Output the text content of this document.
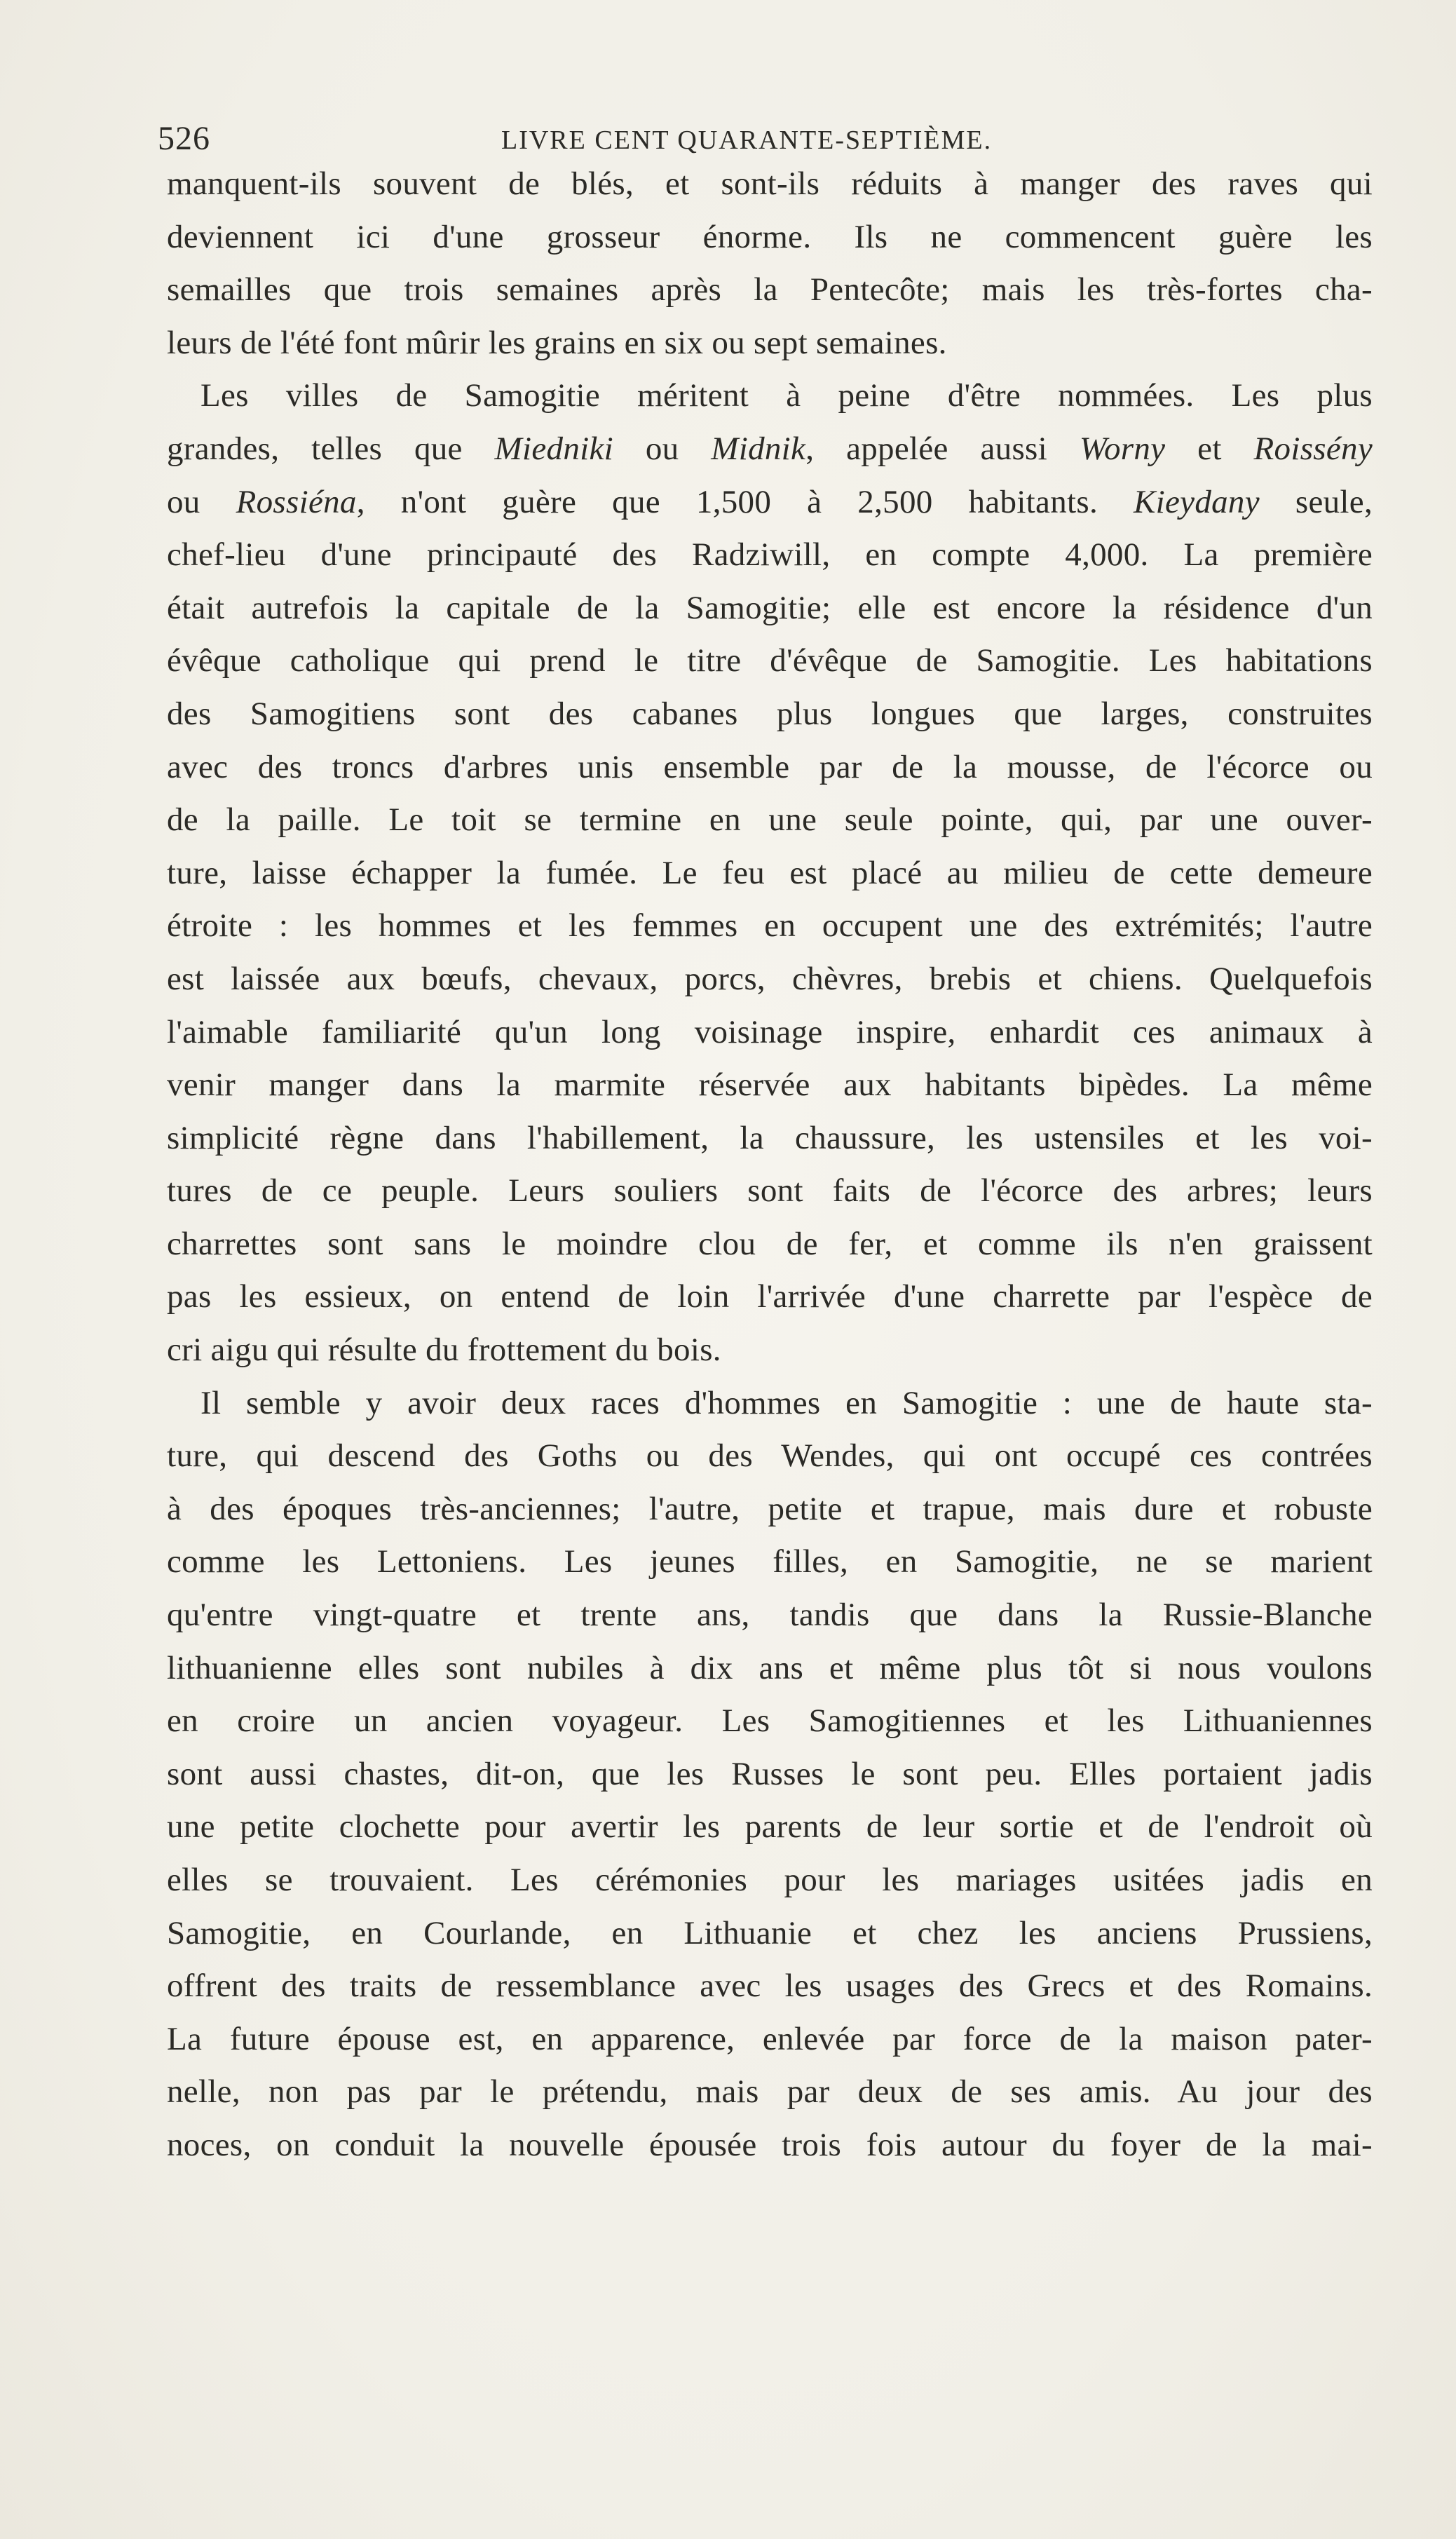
526	LIVRE CENT QUARANTE-SEPTIÈME.
manquent-ils souvent de blés, et sont-ils réduits à manger des raves qui
deviennent ici d'une grosseur énorme. Ils ne commencent guère les
semailles que trois semaines après la Pentecôte; mais les très-fortes cha-
leurs de l'été font mûrir les grains en six ou sept semaines.
Les villes de Samogitie méritent à peine d'être nommées. Les plus
grandes, telles que Miedniki ou Midnik, appelée aussi Worny et Roissény
ou Rossiéna, n'ont guère que 1,500 à 2,500 habitants. Kieydany seule,
chef-lieu d'une principauté des Radziwill, en compte 4,000. La première
était autrefois la capitale de la Samogitie; elle est encore la résidence d'un
évêque catholique qui prend le titre d'évêque de Samogitie. Les habitations
des Samogitiens sont des cabanes plus longues que larges, construites
avec des troncs d'arbres unis ensemble par de la mousse, de l'écorce ou
de la paille. Le toit se termine en une seule pointe, qui, par une ouver-
ture, laisse échapper la fumée. Le feu est placé au milieu de cette demeure
étroite : les hommes et les femmes en occupent une des extrémités; l'autre
est laissée aux bœufs, chevaux, porcs, chèvres, brebis et chiens. Quelquefois
l'aimable familiarité qu'un long voisinage inspire, enhardit ces animaux à
venir manger dans la marmite réservée aux habitants bipèdes. La même
simplicité règne dans l'habillement, la chaussure, les ustensiles et les voi-
tures de ce peuple. Leurs souliers sont faits de l'écorce des arbres; leurs
charrettes sont sans le moindre clou de fer, et comme ils n'en graissent
pas les essieux, on entend de loin l'arrivée d'une charrette par l'espèce de
cri aigu qui résulte du frottement du bois.
Il semble y avoir deux races d'hommes en Samogitie : une de haute sta-
ture, qui descend des Goths ou des Wendes, qui ont occupé ces contrées
à des époques très-anciennes; l'autre, petite et trapue, mais dure et robuste
comme les Lettoniens. Les jeunes filles, en Samogitie, ne se marient
qu'entre vingt-quatre et trente ans, tandis que dans la Russie-Blanche
lithuanienne elles sont nubiles à dix ans et même plus tôt si nous voulons
en croire un ancien voyageur. Les Samogitiennes et les Lithuaniennes
sont aussi chastes, dit-on, que les Russes le sont peu. Elles portaient jadis
une petite clochette pour avertir les parents de leur sortie et de l'endroit où
elles se trouvaient. Les cérémonies pour les mariages usitées jadis en
Samogitie, en Courlande, en Lithuanie et chez les anciens Prussiens,
offrent des traits de ressemblance avec les usages des Grecs et des Romains.
La future épouse est, en apparence, enlevée par force de la maison pater-
nelle, non pas par le prétendu, mais par deux de ses amis. Au jour des
noces, on conduit la nouvelle épousée trois fois autour du foyer de la mai-
